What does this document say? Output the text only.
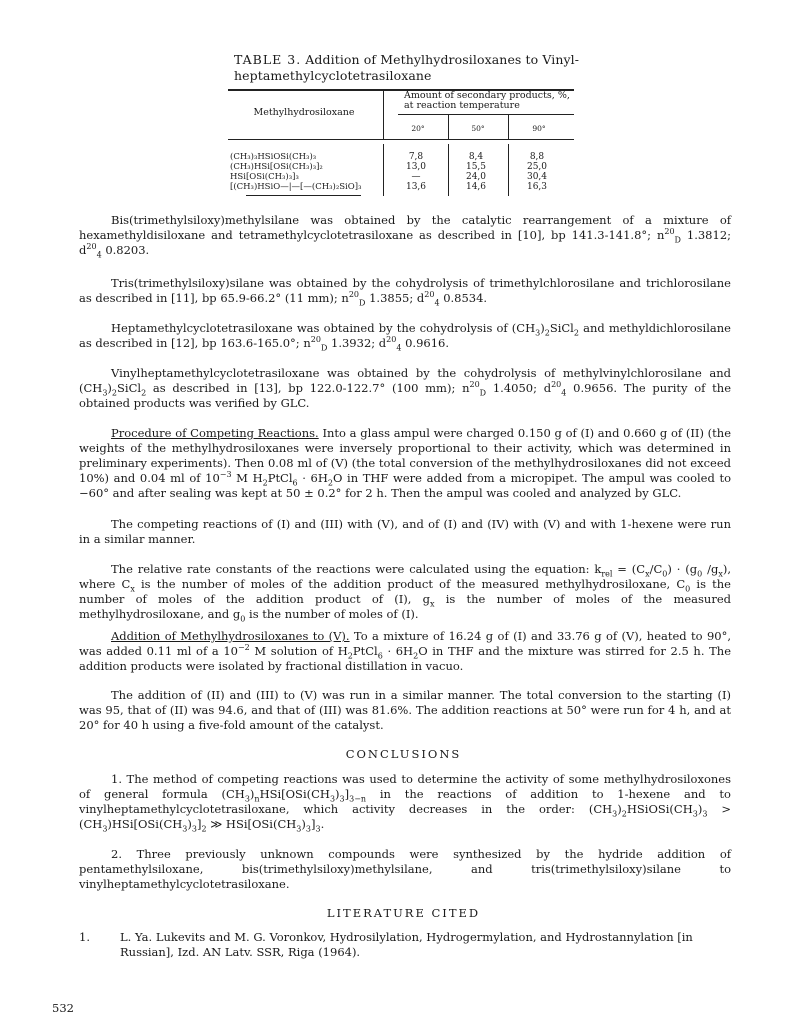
TABLE 3. Addition of Methylhydrosiloxanes to Vinyl-
heptamethylcyclotetrasiloxane
Methylhydrosiloxane
Amount of secondary products, %,
at reaction temperature
20°	50°	90°
(CH₃)₃HSiOSi(CH₃)₃	7,8	8,4	8,8
(CH₃)HSi[OSi(CH₃)₃]₂	13,0	15,5	25,0
HSi[OSi(CH₃)₃]₃	—	24,0	30,4
[(CH₃)HSiO—|—[—(CH₃)₂SiO]₃	13,6	14,6	16,3
Bis(trimethylsiloxy)methylsilane was obtained by the catalytic rearrangement of a mixture of hexamethyldisiloxane and tetramethylcyclotetrasiloxane as described in [10], bp 141.3-141.8°; $n^{20}_D$ 1.3812; $d^{20}_4$ 0.8203.
Tris(trimethylsiloxy)silane was obtained by the cohydrolysis of trimethylchlorosilane and trichlorosilane as described in [11], bp 65.9-66.2° (11 mm); $n^{20}_D$ 1.3855; $d^{20}_4$ 0.8534.
Heptamethylcyclotetrasiloxane was obtained by the cohydrolysis of $(CH_3)_2SiCl_2$ and methyldichlorosilane as described in [12], bp 163.6-165.0°; $n^{20}_D$ 1.3932; $d^{20}_4$ 0.9616.
Vinylheptamethylcyclotetrasiloxane was obtained by the cohydrolysis of methylvinylchlorosilane and $(CH_3)_2SiCl_2$ as described in [13], bp 122.0-122.7° (100 mm); $n^{20}_D$ 1.4050; $d^{20}_4$ 0.9656. The purity of the obtained products was verified by GLC.
Procedure of Competing Reactions. Into a glass ampul were charged 0.150 g of (I) and 0.660 g of (II) (the weights of the methylhydrosiloxanes were inversely proportional to their activity, which was determined in preliminary experiments). Then 0.08 ml of (V) (the total conversion of the methylhydrosiloxanes did not exceed 10%) and 0.04 ml of $10^{-3}$ M $H_2PtCl_6 \cdot 6H_2O$ in THF were added from a micropipet. The ampul was cooled to −60° and after sealing was kept at 50 ± 0.2° for 2 h. Then the ampul was cooled and analyzed by GLC.
The competing reactions of (I) and (III) with (V), and of (I) and (IV) with (V) and with 1-hexene were run in a similar manner.
The relative rate constants of the reactions were calculated using the equation: $k_{rel} = (C_x/C_0) \cdot (g_0$ $/g_x$), where $C_x$ is the number of moles of the addition product of the measured methylhydrosiloxane, $C_0$ is the number of moles of the addition product of (I), $g_x$ is the number of moles of the measured methylhydrosiloxane, and $g_0$ is the number of moles of (I).
Addition of Methylhydrosiloxanes to (V). To a mixture of 16.24 g of (I) and 33.76 g of (V), heated to 90°, was added 0.11 ml of a $10^{-2}$ M solution of $H_2PtCl_6 \cdot 6H_2O$ in THF and the mixture was stirred for 2.5 h. The addition products were isolated by fractional distillation in vacuo.
The addition of (II) and (III) to (V) was run in a similar manner. The total conversion to the starting (I) was 95, that of (II) was 94.6, and that of (III) was 81.6%. The addition reactions at 50° were run for 4 h, and at 20° for 40 h using a five-fold amount of the catalyst.
CONCLUSIONS
1. The method of competing reactions was used to determine the activity of some methylhydrosiloxones of general formula $(CH_3)_nHSi[OSi(CH_3)_3]_{3-n}$ in the reactions of addition to 1-hexene and to vinylheptamethylcyclotetrasiloxane, which activity decreases in the order: $(CH_3)_2HSiOSi(CH_3)_3 > (CH_3)HSi[OSi(CH_3)_3]_2$ ≫ $HSi[OSi(CH_3)_3]_3$.
2. Three previously unknown compounds were synthesized by the hydride addition of pentamethylsiloxane, bis(trimethylsiloxy)methylsilane, and tris(trimethylsiloxy)silane to vinylheptamethylcyclotetrasiloxane.
LITERATURE CITED
1.	L. Ya. Lukevits and M. G. Voronkov, Hydrosilylation, Hydrogermylation, and Hydrostannylation [in Russian], Izd. AN Latv. SSR, Riga (1964).
532
